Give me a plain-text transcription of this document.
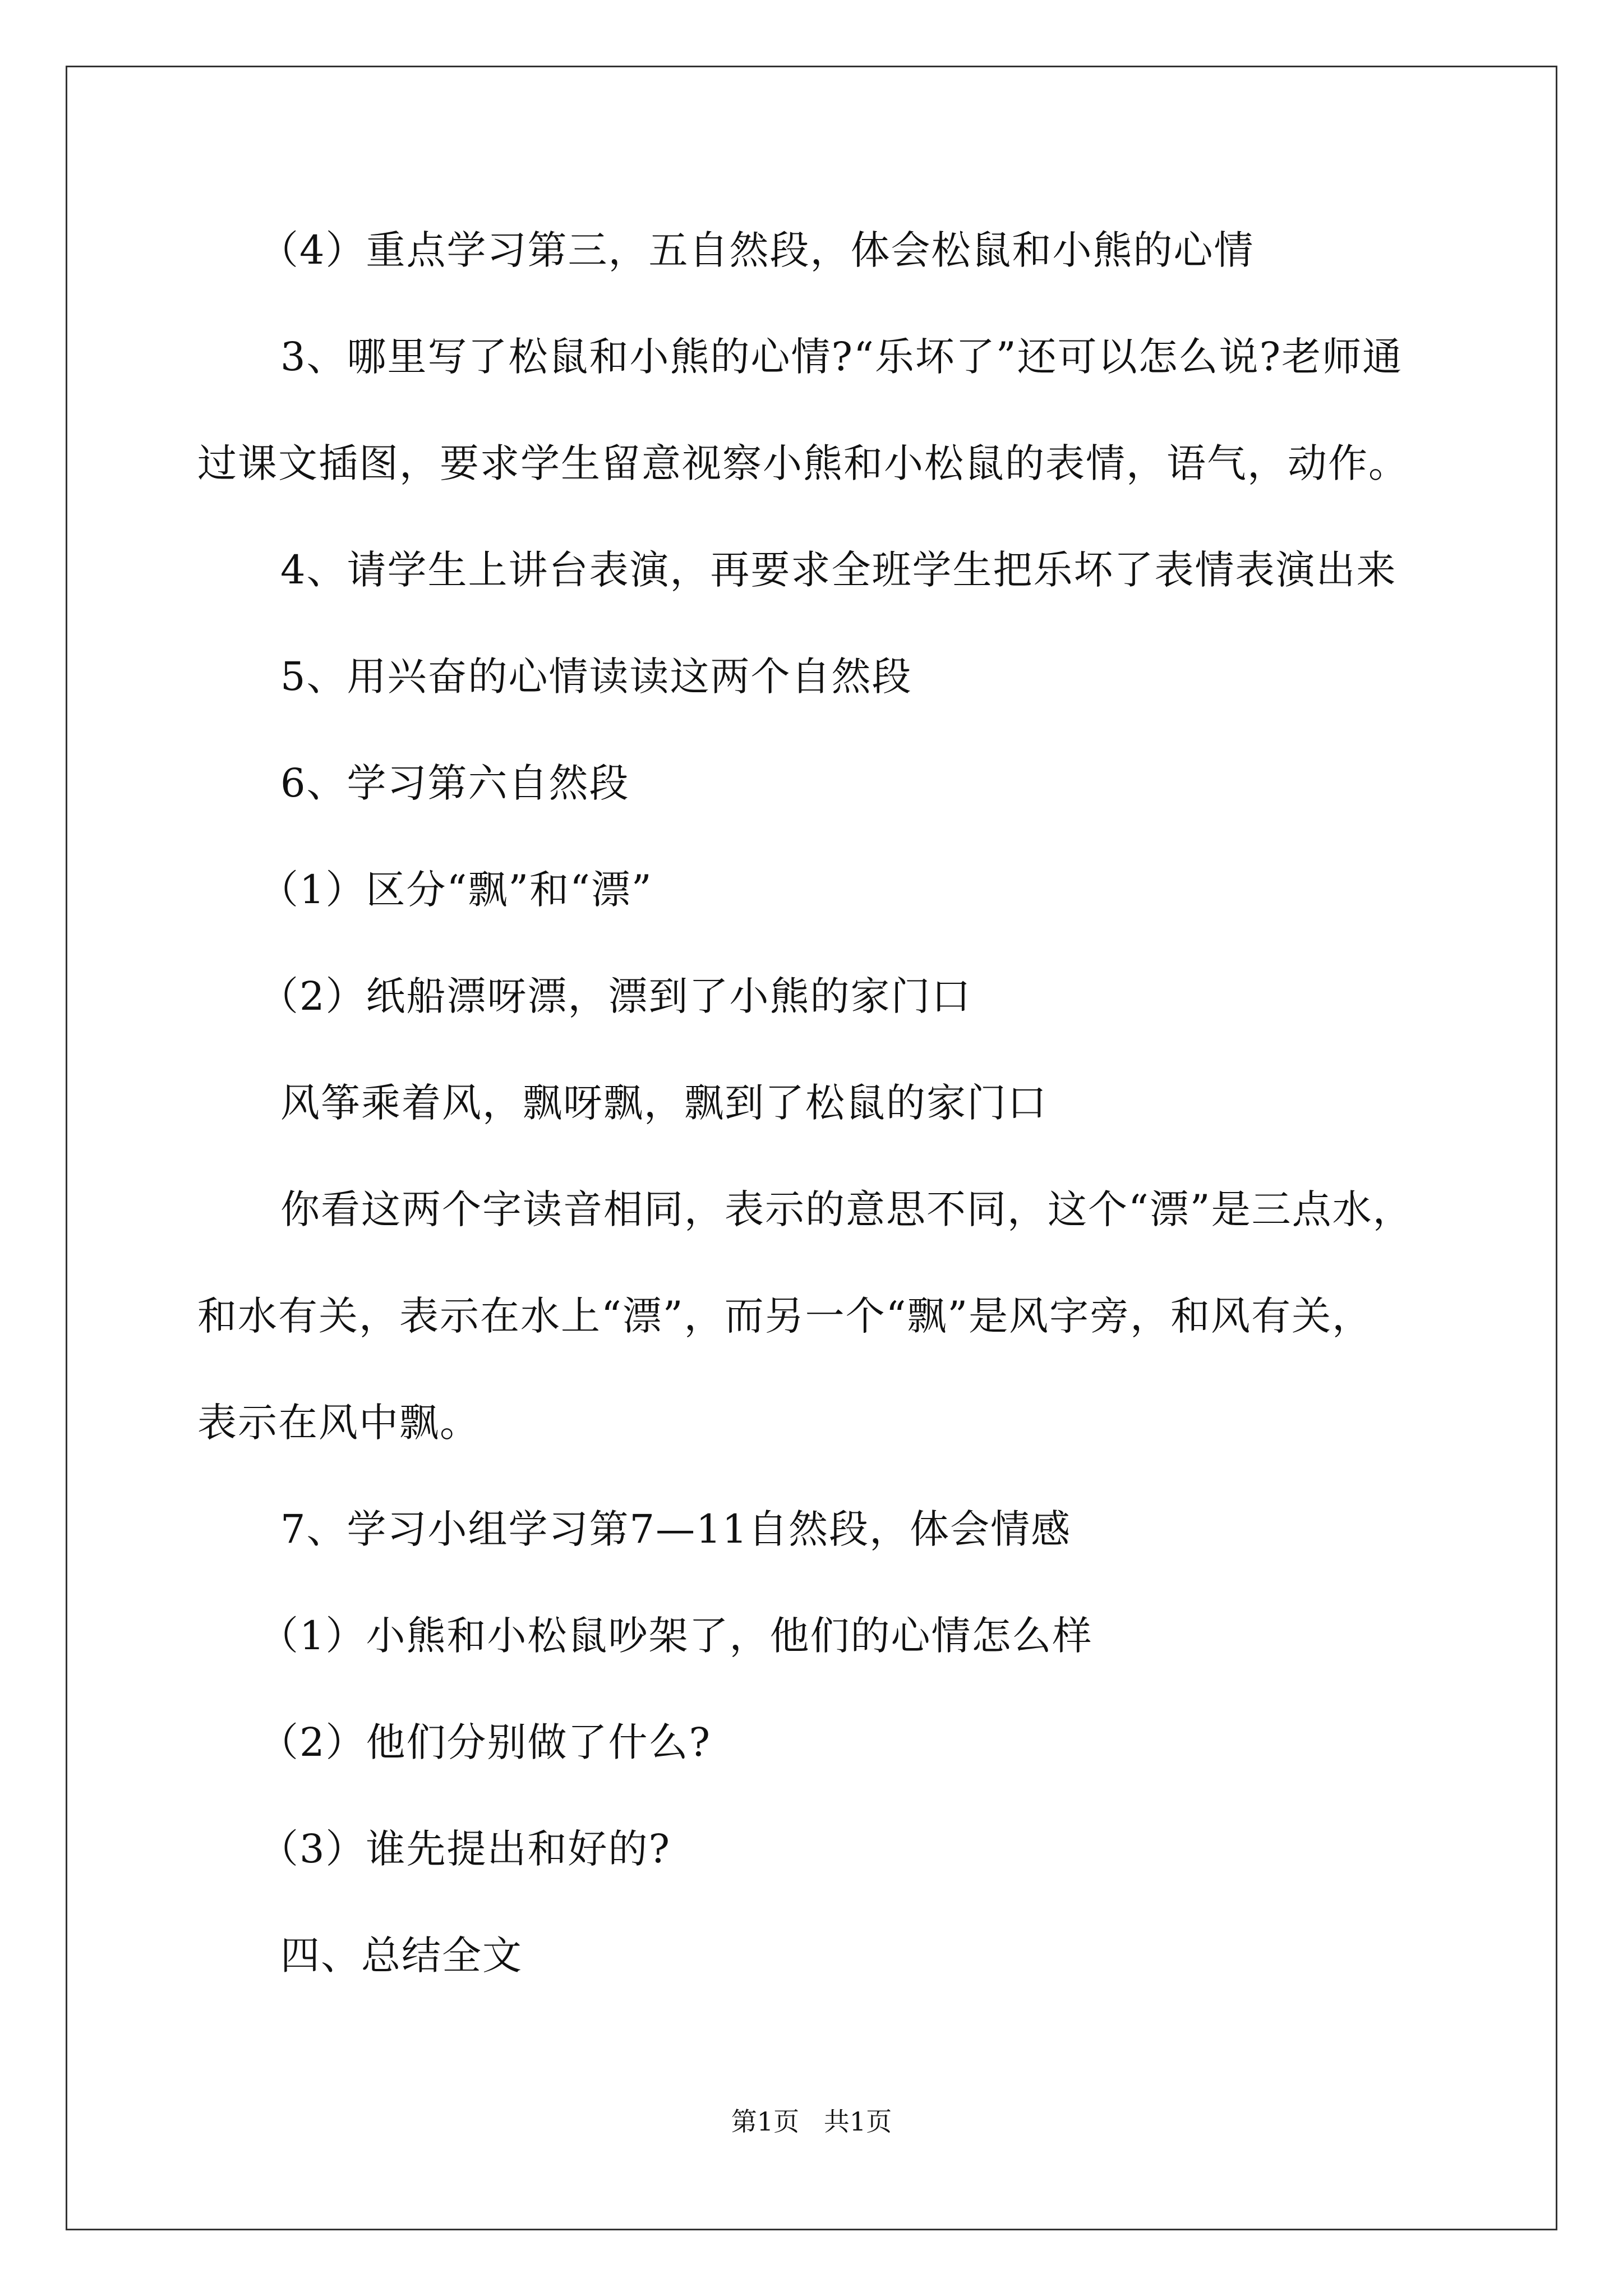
（4）重点学习第三，五自然段，体会松鼠和小熊的心情
3、哪里写了松鼠和小熊的心情?“乐坏了”还可以怎么说?老师通
过课文插图，要求学生留意视察小熊和小松鼠的表情，语气，动作。
4、请学生上讲台表演，再要求全班学生把乐坏了表情表演出来
5、用兴奋的心情读读这两个自然段
6、学习第六自然段
（1）区分“飘”和“漂”
（2）纸船漂呀漂，漂到了小熊的家门口
风筝乘着风，飘呀飘，飘到了松鼠的家门口
你看这两个字读音相同，表示的意思不同，这个“漂”是三点水，
和水有关，表示在水上“漂”，而另一个“飘”是风字旁，和风有关，
表示在风中飘。
7、学习小组学习第7—11自然段，体会情感
（1）小熊和小松鼠吵架了，他们的心情怎么样
（2）他们分别做了什么?
（3）谁先提出和好的?
四、总结全文
第1页   共1页
